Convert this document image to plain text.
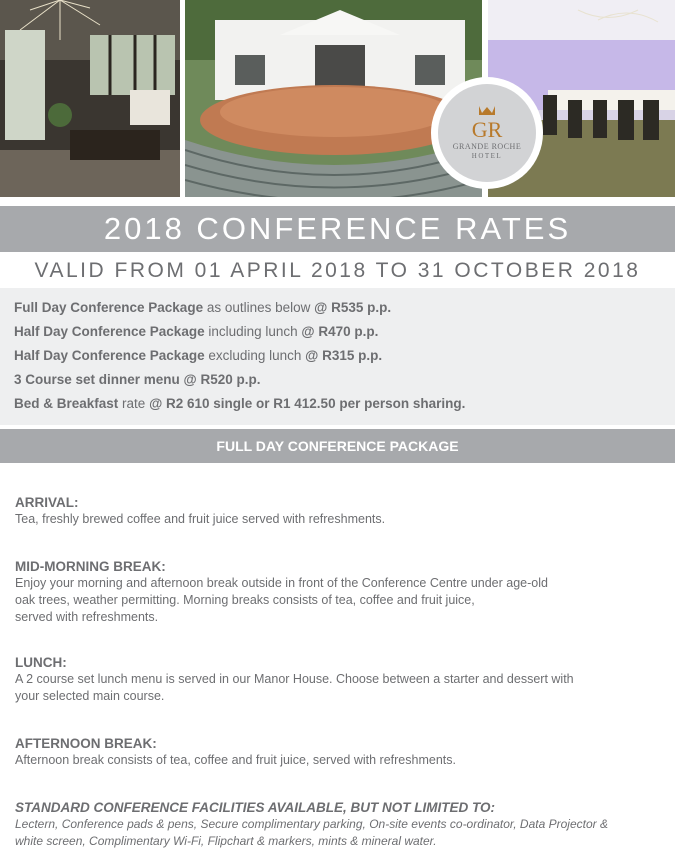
GR
GRANDE ROCHE
HOTEL
2018 CONFERENCE RATES
VALID FROM 01 APRIL 2018 TO 31 OCTOBER 2018
Full Day Conference Package as outlines below @ R535 p.p.
Half Day Conference Package including lunch @ R470 p.p.
Half Day Conference Package excluding lunch @ R315 p.p.
3 Course set dinner menu @ R520 p.p.
Bed & Breakfast rate @ R2 610 single or R1 412.50 per person sharing.
FULL DAY CONFERENCE PACKAGE
ARRIVAL:
Tea, freshly brewed coffee and fruit juice served with refreshments.
MID-MORNING BREAK:
Enjoy your morning and afternoon break outside in front of the Conference Centre under age-old
oak trees, weather permitting. Morning breaks consists of tea, coffee and fruit juice,
served with refreshments.
LUNCH:
A 2 course set lunch menu is served in our Manor House. Choose between a starter and dessert with
your selected main course.
AFTERNOON BREAK:
Afternoon break consists of tea, coffee and fruit juice, served with refreshments.
STANDARD CONFERENCE FACILITIES AVAILABLE, BUT NOT LIMITED TO:
Lectern, Conference pads & pens, Secure complimentary parking, On-site events co-ordinator, Data Projector &
white screen, Complimentary Wi-Fi, Flipchart & markers, mints & mineral water.
